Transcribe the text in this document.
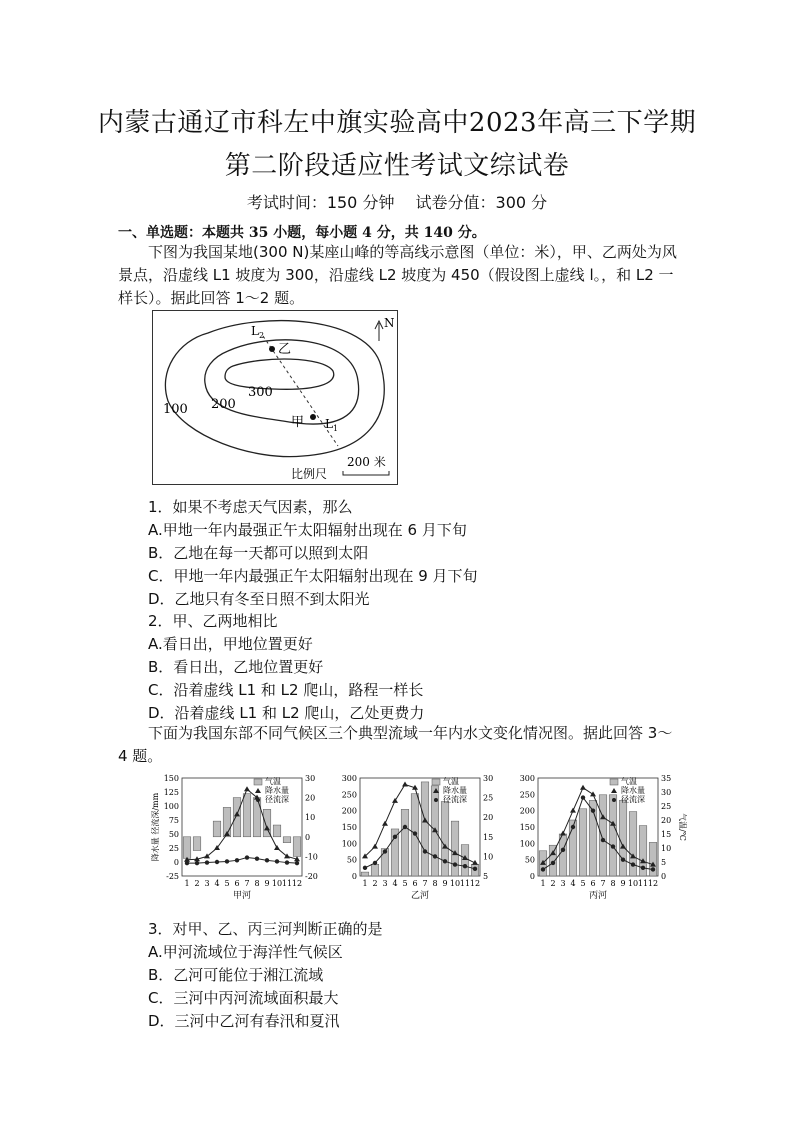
内蒙古通辽市科左中旗实验高中2023年高三下学期
第二阶段适应性考试文综试卷
考试时间：150 分钟 试卷分值：300 分
一、单选题：本题共 35 小题，每小题 4 分，共 140 分。
下图为我国某地(300 N)某座山峰的等高线示意图（单位：米），甲、乙两处为风景点，沿虚线 L1 坡度为 300，沿虚线 L2 坡度为 450（假设图上虚线 l。，和 L2 一样长）。据此回答 1～2 题。
100 200
300
乙
甲
$L_2$
$L_1$
N
比例尺
200 米
1．如果不考虑天气因素，那么
A.甲地一年内最强正午太阳辐射出现在 6 月下旬
B．乙地在每一天都可以照到太阳
C．甲地一年内最强正午太阳辐射出现在 9 月下旬
D．乙地只有冬至日照不到太阳光
2．甲、乙两地相比
A.看日出，甲地位置更好
B．看日出，乙地位置更好
C．沿着虚线 L1 和 L2 爬山，路程一样长
D．沿着虚线 L1 和 L2 爬山，乙处更费力
下面为我国东部不同气候区三个典型流域一年内水文变化情况图。据此回答 3～4 题。
150
125
100
75
50
25
0
-25
30
20
10
0
-10
-20
1 2 3 4 5 6 7 8 9 10 11 12
甲河
气温
降水量
径流深
降水量 径流深/mm
300
250
200
150
100
50
0
30
25
20
15
10
5
1 2 3 4 5 6 7 8 9 10 11 12
乙河
气温
降水量
径流深
300
250
200
150
100
50
0
35
30
25
20
15
10
5
0
1 2 3 4 5 6 7 8 9 10 11 12
丙河
气温
降水量
径流深
气温/℃
3．对甲、乙、丙三河判断正确的是
A.甲河流域位于海洋性气候区
B．乙河可能位于湘江流域
C．三河中丙河流域面积最大
D．三河中乙河有春汛和夏汛
